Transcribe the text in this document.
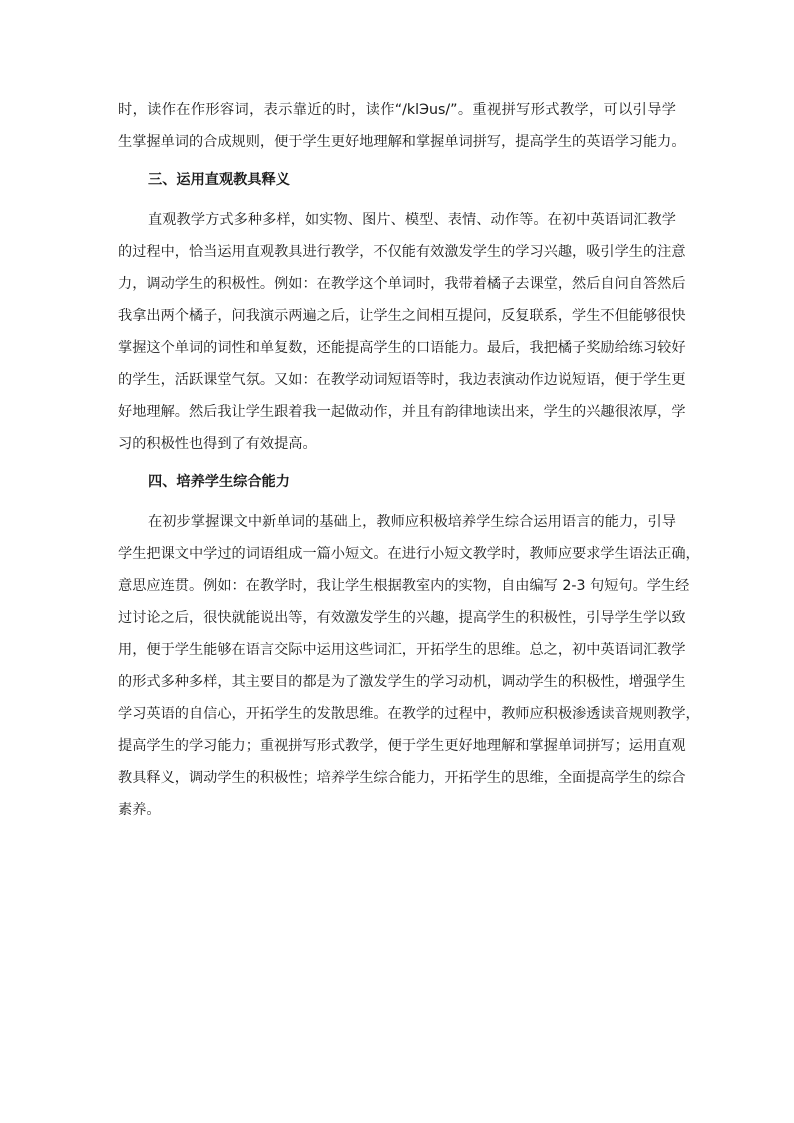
时，读作在作形容词，表示靠近的时，读作“/klЭus/”。重视拼写形式教学，可以引导学
生掌握单词的合成规则，便于学生更好地理解和掌握单词拼写，提高学生的英语学习能力。
三、运用直观教具释义
直观教学方式多种多样，如实物、图片、模型、表情、动作等。在初中英语词汇教学
的过程中，恰当运用直观教具进行教学，不仅能有效激发学生的学习兴趣，吸引学生的注意
力，调动学生的积极性。例如：在教学这个单词时，我带着橘子去课堂，然后自问自答然后
我拿出两个橘子，问我演示两遍之后，让学生之间相互提问，反复联系，学生不但能够很快
掌握这个单词的词性和单复数，还能提高学生的口语能力。最后，我把橘子奖励给练习较好
的学生，活跃课堂气氛。又如：在教学动词短语等时，我边表演动作边说短语，便于学生更
好地理解。然后我让学生跟着我一起做动作，并且有韵律地读出来，学生的兴趣很浓厚，学
习的积极性也得到了有效提高。
四、培养学生综合能力
在初步掌握课文中新单词的基础上，教师应积极培养学生综合运用语言的能力，引导
学生把课文中学过的词语组成一篇小短文。在进行小短文教学时，教师应要求学生语法正确，
意思应连贯。例如：在教学时，我让学生根据教室内的实物，自由编写 2-3 句短句。学生经
过讨论之后，很快就能说出等，有效激发学生的兴趣，提高学生的积极性，引导学生学以致
用，便于学生能够在语言交际中运用这些词汇，开拓学生的思维。总之，初中英语词汇教学
的形式多种多样，其主要目的都是为了激发学生的学习动机，调动学生的积极性，增强学生
学习英语的自信心，开拓学生的发散思维。在教学的过程中，教师应积极渗透读音规则教学，
提高学生的学习能力；重视拼写形式教学，便于学生更好地理解和掌握单词拼写；运用直观
教具释义，调动学生的积极性；培养学生综合能力，开拓学生的思维，全面提高学生的综合
素养。
